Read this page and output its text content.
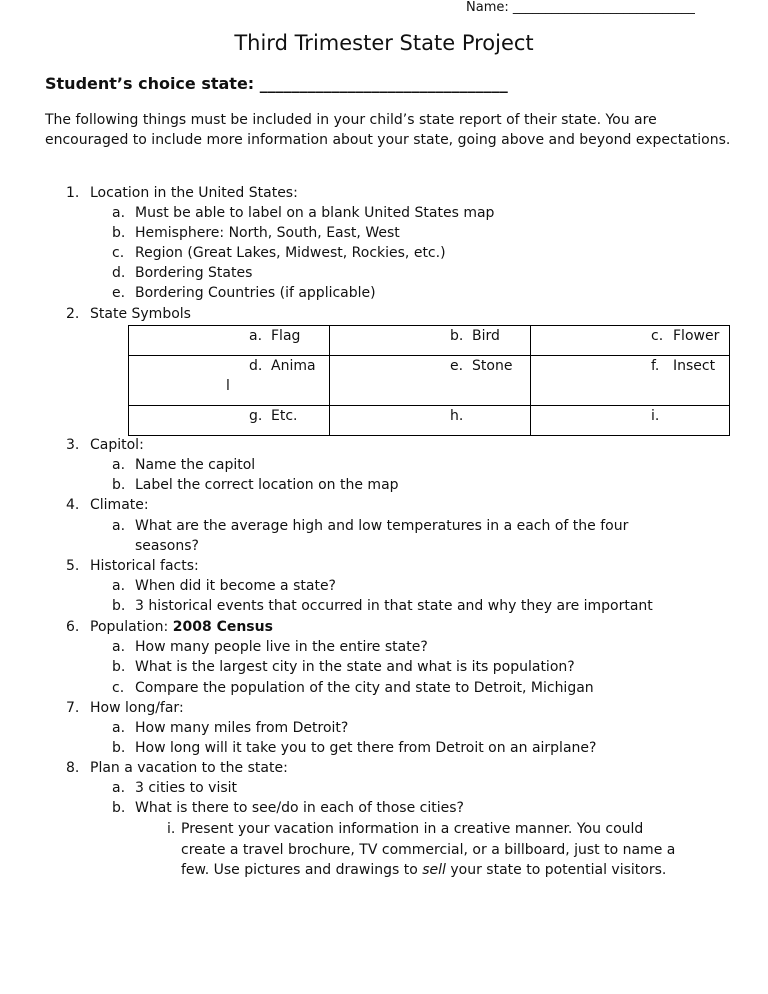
Name: ____________________________
Third Trimester State Project
Student’s choice state: _______________________________
The following things must be included in your child’s state report of their state. You are encouraged to include more information about your state, going above and beyond expectations.
1. Location in the United States:
a. Must be able to label on a blank United States map
b. Hemisphere: North, South, East, West
c. Region (Great Lakes, Midwest, Rockies, etc.)
d. Bordering States
e. Bordering Countries (if applicable)
2. State Symbols
a. Flag	b. Bird	c. Flower

d. Anima
l	e. Stone	f. Insect

g. Etc.	h.	i.
3. Capitol:
a. Name the capitol
b. Label the correct location on the map
4. Climate:
a. What are the average high and low temperatures in a each of the four
seasons?
5. Historical facts:
a. When did it become a state?
b. 3 historical events that occurred in that state and why they are important
6. Population: 2008 Census
a. How many people live in the entire state?
b. What is the largest city in the state and what is its population?
c. Compare the population of the city and state to Detroit, Michigan
7. How long/far:
a. How many miles from Detroit?
b. How long will it take you to get there from Detroit on an airplane?
8. Plan a vacation to the state:
a. 3 cities to visit
b. What is there to see/do in each of those cities?
i. Present your vacation information in a creative manner. You could
create a travel brochure, TV commercial, or a billboard, just to name a
few. Use pictures and drawings to sell your state to potential visitors.
